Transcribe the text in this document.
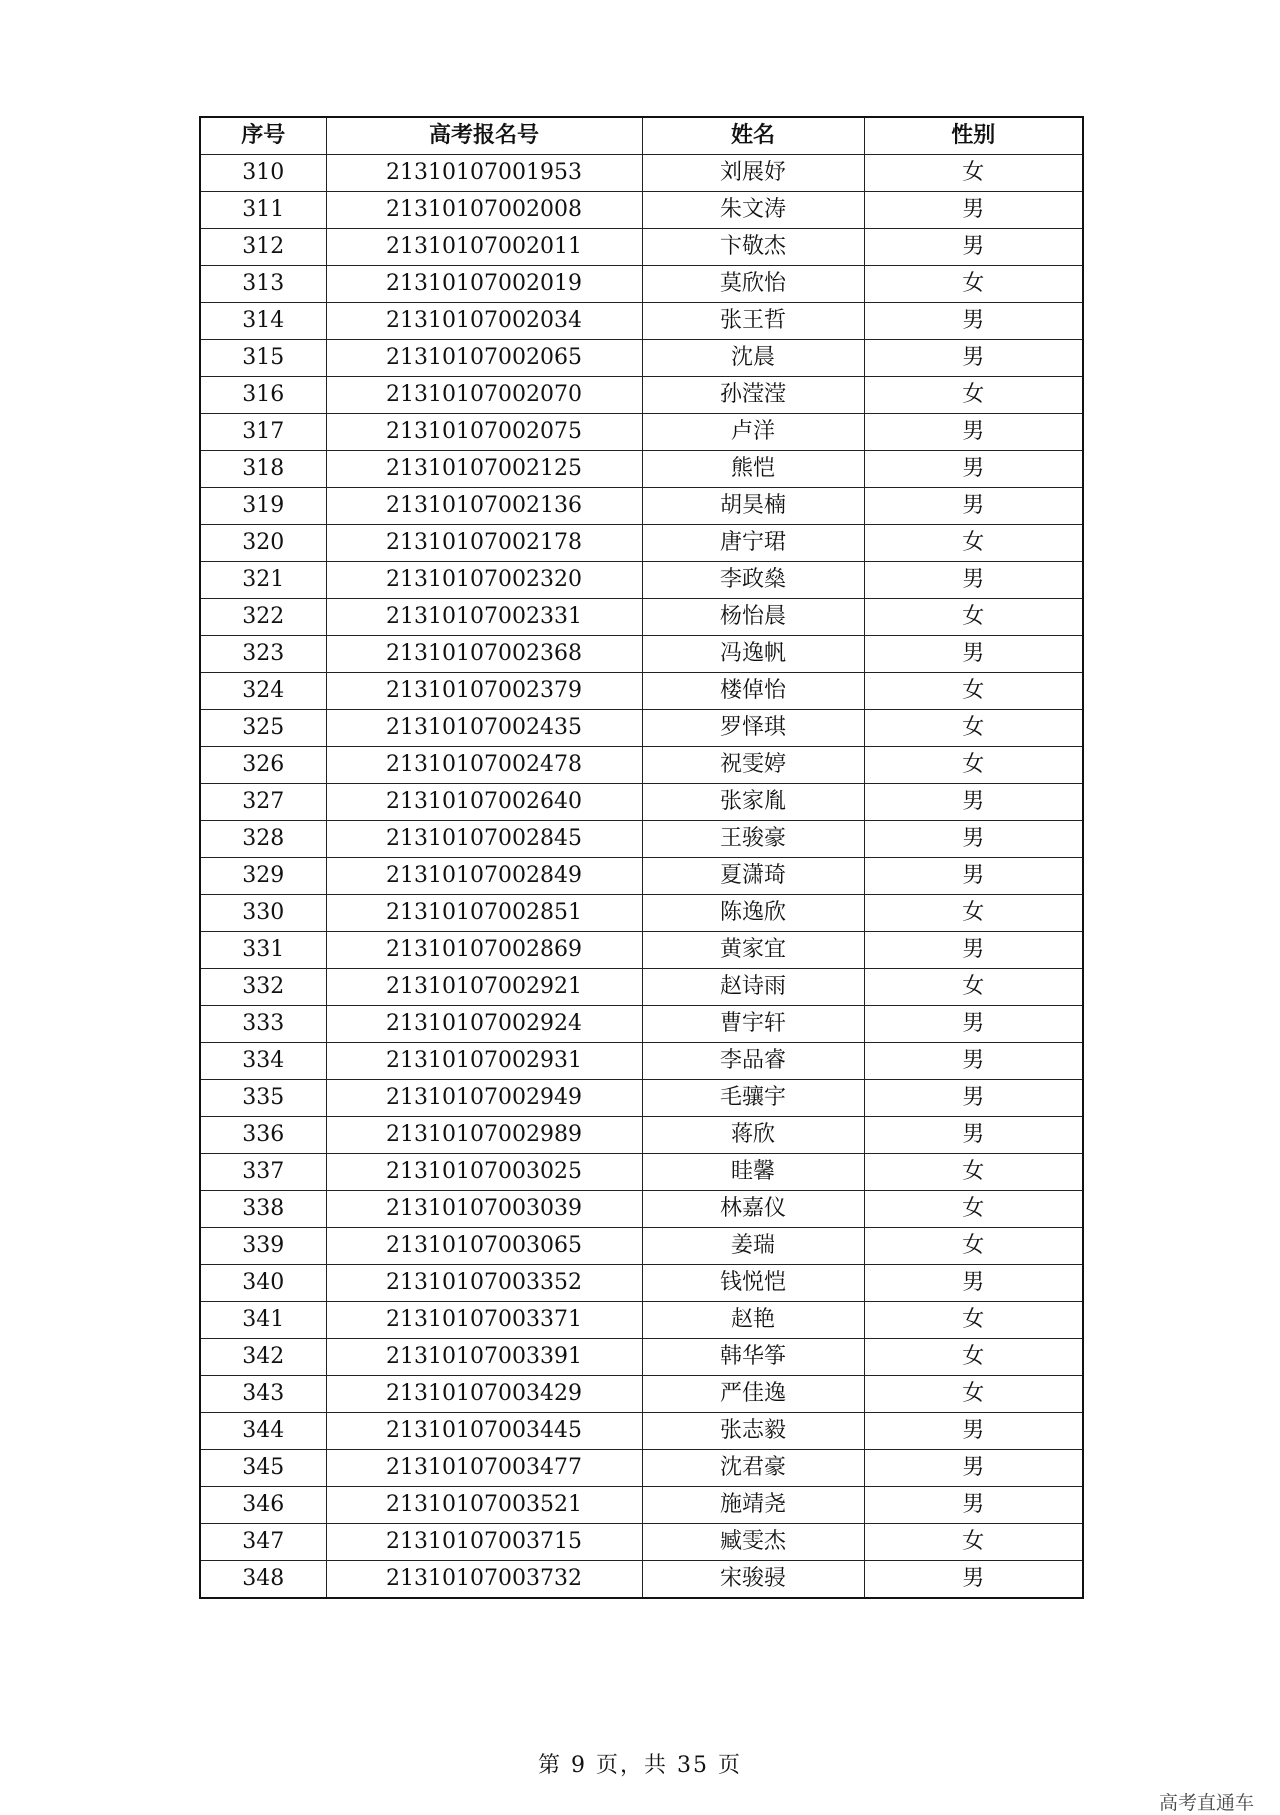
序号	高考报名号	姓名	性别
310	21310107001953	刘展妤	女
311	21310107002008	朱文涛	男
312	21310107002011	卞敬杰	男
313	21310107002019	莫欣怡	女
314	21310107002034	张王哲	男
315	21310107002065	沈晨	男
316	21310107002070	孙滢滢	女
317	21310107002075	卢洋	男
318	21310107002125	熊恺	男
319	21310107002136	胡昊楠	男
320	21310107002178	唐宁珺	女
321	21310107002320	李政燊	男
322	21310107002331	杨怡晨	女
323	21310107002368	冯逸帆	男
324	21310107002379	楼倬怡	女
325	21310107002435	罗怿琪	女
326	21310107002478	祝雯婷	女
327	21310107002640	张家胤	男
328	21310107002845	王骏豪	男
329	21310107002849	夏潇琦	男
330	21310107002851	陈逸欣	女
331	21310107002869	黄家宜	男
332	21310107002921	赵诗雨	女
333	21310107002924	曹宇轩	男
334	21310107002931	李品睿	男
335	21310107002949	毛骧宇	男
336	21310107002989	蒋欣	男
337	21310107003025	眭馨	女
338	21310107003039	林嘉仪	女
339	21310107003065	姜瑞	女
340	21310107003352	钱悦恺	男
341	21310107003371	赵艳	女
342	21310107003391	韩华筝	女
343	21310107003429	严佳逸	女
344	21310107003445	张志毅	男
345	21310107003477	沈君豪	男
346	21310107003521	施靖尧	男
347	21310107003715	臧雯杰	女
348	21310107003732	宋骏骎	男
第 9 页，共 35 页
高考直通车
